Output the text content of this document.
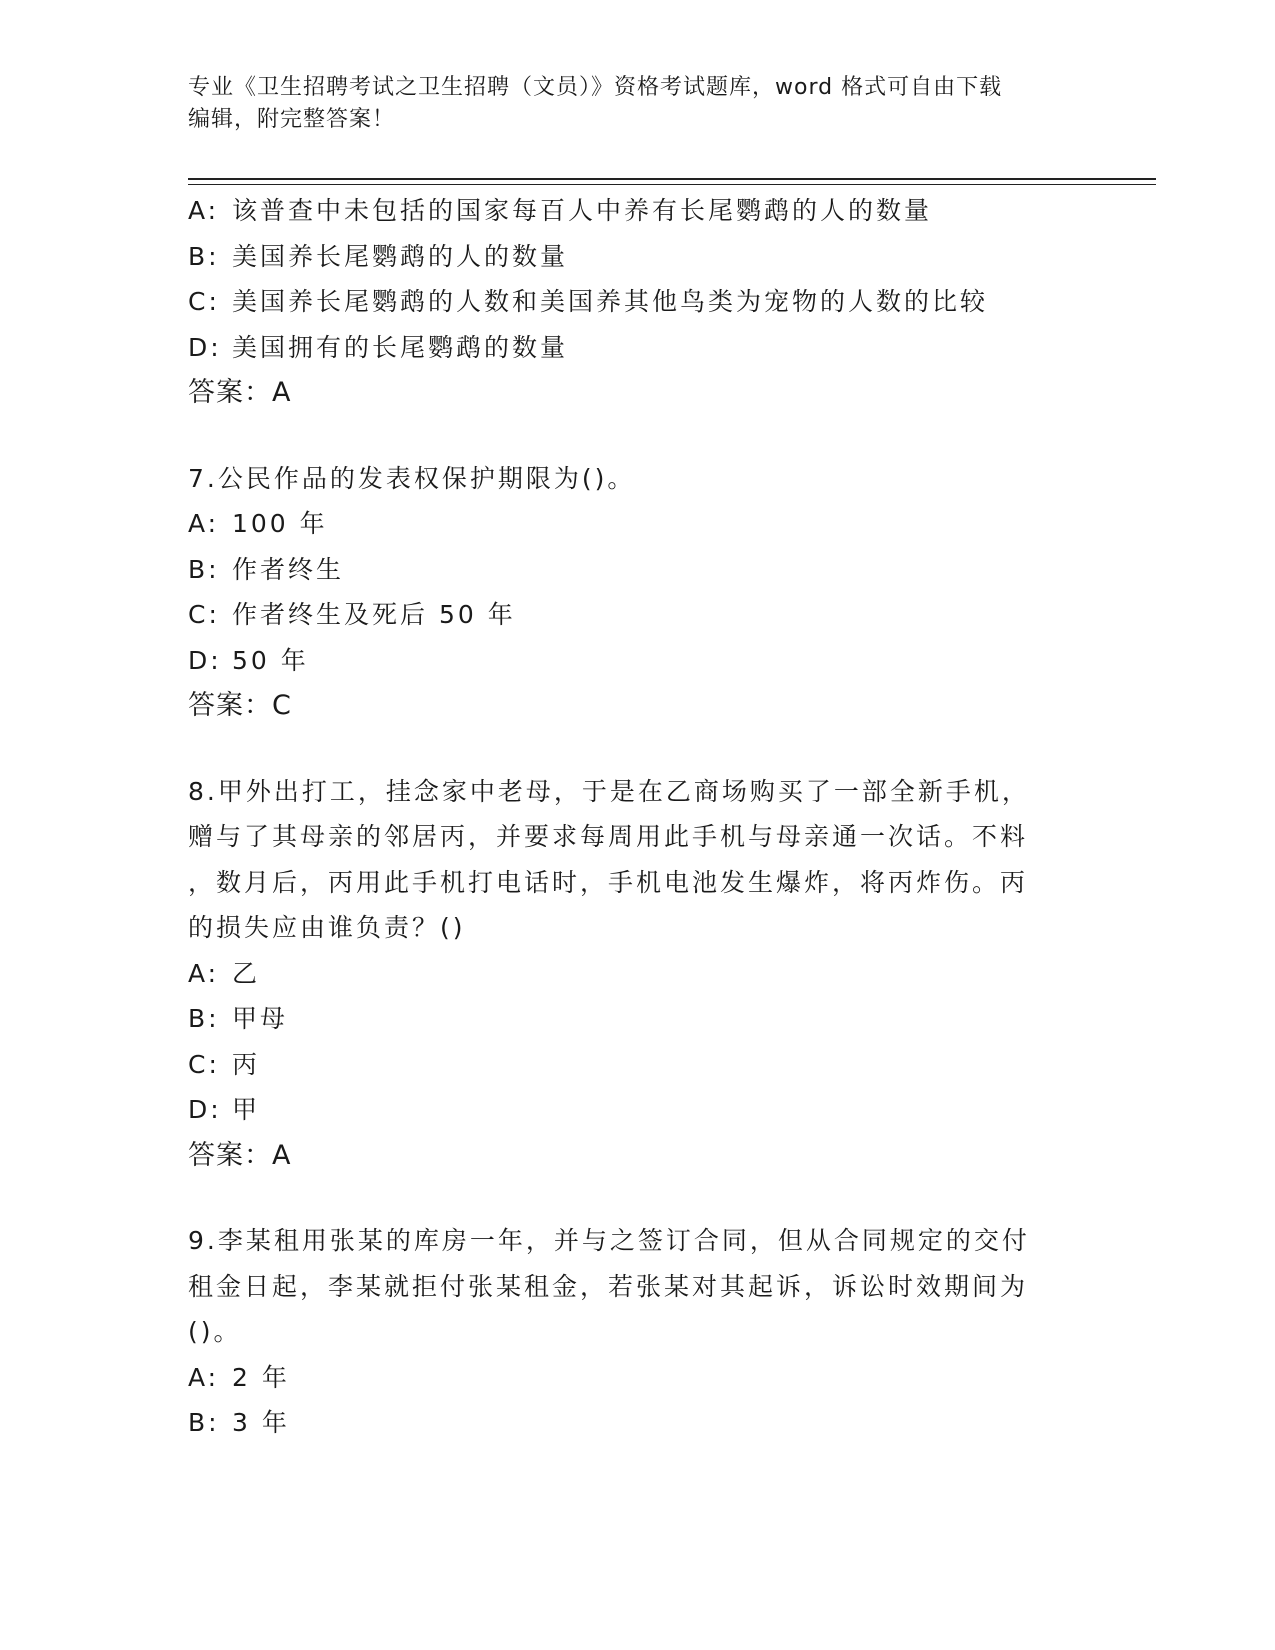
专业《卫生招聘考试之卫生招聘（文员）》资格考试题库，word 格式可自由下载
编辑，附完整答案！
A: 该普查中未包括的国家每百人中养有长尾鹦鹉的人的数量
B: 美国养长尾鹦鹉的人的数量
C: 美国养长尾鹦鹉的人数和美国养其他鸟类为宠物的人数的比较
D: 美国拥有的长尾鹦鹉的数量
答案：A
7.公民作品的发表权保护期限为()。
A: 100 年
B: 作者终生
C: 作者终生及死后 50 年
D: 50 年
答案：C
8.甲外出打工，挂念家中老母，于是在乙商场购买了一部全新手机，
赠与了其母亲的邻居丙，并要求每周用此手机与母亲通一次话。不料
，数月后，丙用此手机打电话时，手机电池发生爆炸，将丙炸伤。丙
的损失应由谁负责？()
A: 乙
B: 甲母
C: 丙
D: 甲
答案：A
9.李某租用张某的库房一年，并与之签订合同，但从合同规定的交付
租金日起，李某就拒付张某租金，若张某对其起诉，诉讼时效期间为
()。
A: 2 年
B: 3 年
